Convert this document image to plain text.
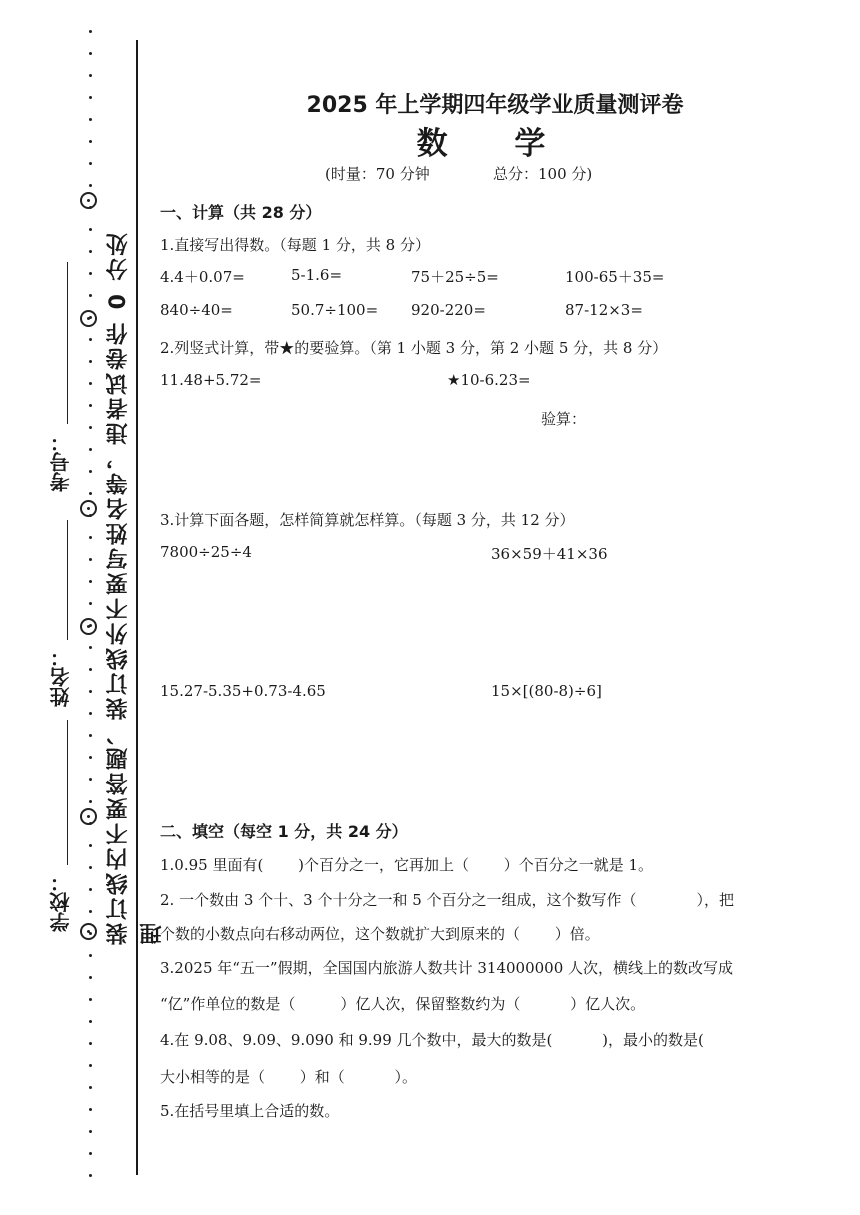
装订线内不要答题、装订线外不要写姓名等，违者试卷作 0 分处理
考号：
姓名：
学校：
2025 年上学期四年级学业质量测评卷
数 学
(时量：70 分钟	总分：100 分)
一、计算（共 28 分）
1.直接写出得数。（每题 1 分，共 8 分）
4.4＋0.07=	5-1.6=	75＋25÷5=	100-65＋35=
840÷40=	50.7÷100= 920-220=	87-12×3=
2.列竖式计算，带★的要验算。（第 1 小题 3 分，第 2 小题 5 分，共 8 分）
11.48+5.72=	★10-6.23=
验算：
3.计算下面各题，怎样简算就怎样算。（每题 3 分，共 12 分）
7800÷25÷4	36×59＋41×36
15.27-5.35+0.73-4.65	15×[(80-8)÷6]
二、填空（每空 1 分，共 24 分）
1.0.95 里面有(　　 )个百分之一，它再加上（　　 ）个百分之一就是 1。
2. 一个数由 3 个十、3 个十分之一和 5 个百分之一组成，这个数写作（　　　　），把
个数的小数点向右移动两位，这个数就扩大到原来的（　　 ）倍。
3.2025 年“五一”假期，全国国内旅游人数共计 314000000 人次，横线上的数改写成
“亿”作单位的数是（　　　）亿人次，保留整数约为（　　　 ）亿人次。
4.在 9.08、9.09、9.090 和 9.99 几个数中，最大的数是(　　　 )，最小的数是(
大小相等的是（　　 ）和（　　　 ）。
5.在括号里填上合适的数。
